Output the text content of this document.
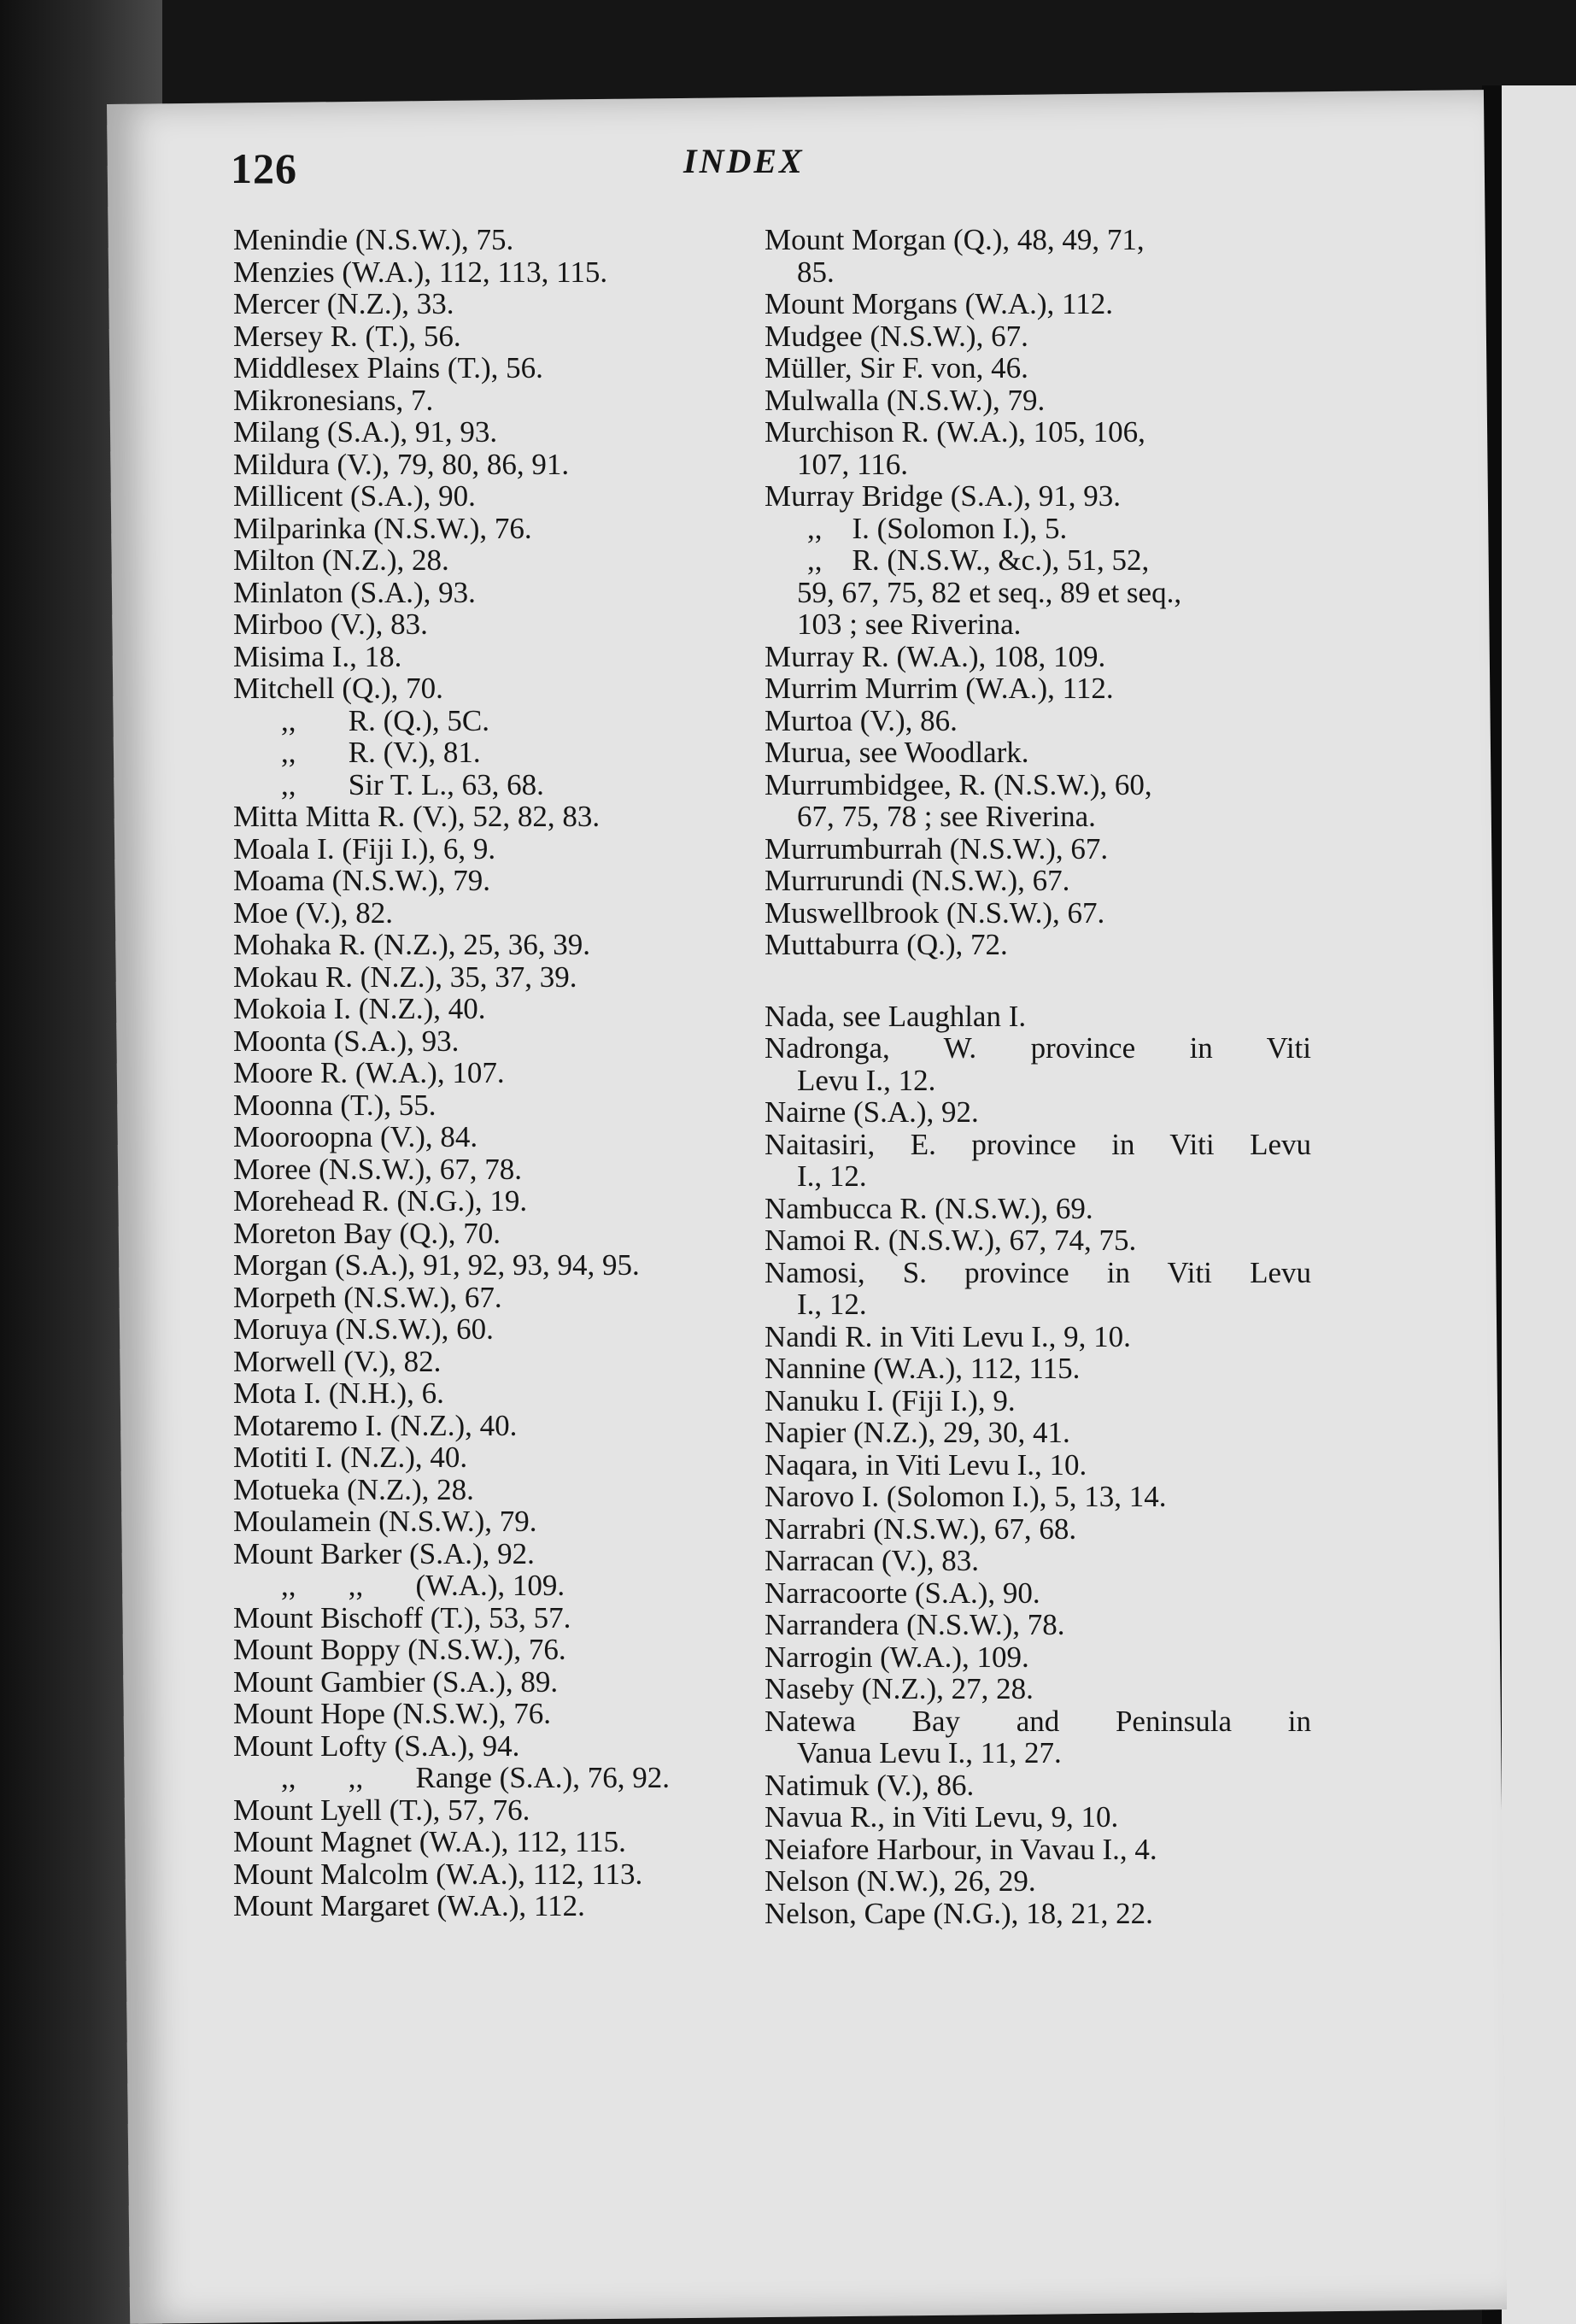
126	INDEX
Menindie (N.S.W.), 75.
Menzies (W.A.), 112, 113, 115.
Mercer (N.Z.), 33.
Mersey R. (T.), 56.
Middlesex Plains (T.), 56.
Mikronesians, 7.
Milang (S.A.), 91, 93.
Mildura (V.), 79, 80, 86, 91.
Millicent (S.A.), 90.
Milparinka (N.S.W.), 76.
Milton (N.Z.), 28.
Minlaton (S.A.), 93.
Mirboo (V.), 83.
Misima I., 18.
Mitchell (Q.), 70.
,,       R. (Q.), 5C.
,,       R. (V.), 81.
,,       Sir T. L., 63, 68.
Mitta Mitta R. (V.), 52, 82, 83.
Moala I. (Fiji I.), 6, 9.
Moama (N.S.W.), 79.
Moe (V.), 82.
Mohaka R. (N.Z.), 25, 36, 39.
Mokau R. (N.Z.), 35, 37, 39.
Mokoia I. (N.Z.), 40.
Moonta (S.A.), 93.
Moore R. (W.A.), 107.
Moonna (T.), 55.
Mooroopna (V.), 84.
Moree (N.S.W.), 67, 78.
Morehead R. (N.G.), 19.
Moreton Bay (Q.), 70.
Morgan (S.A.), 91, 92, 93, 94, 95.
Morpeth (N.S.W.), 67.
Moruya (N.S.W.), 60.
Morwell (V.), 82.
Mota I. (N.H.), 6.
Motaremo I. (N.Z.), 40.
Motiti I. (N.Z.), 40.
Motueka (N.Z.), 28.
Moulamein (N.S.W.), 79.
Mount Barker (S.A.), 92.
,,       ,,       (W.A.), 109.
Mount Bischoff (T.), 53, 57.
Mount Boppy (N.S.W.), 76.
Mount Gambier (S.A.), 89.
Mount Hope (N.S.W.), 76.
Mount Lofty (S.A.), 94.
,,       ,,       Range (S.A.), 76, 92.
Mount Lyell (T.), 57, 76.
Mount Magnet (W.A.), 112, 115.
Mount Malcolm (W.A.), 112, 113.
Mount Margaret (W.A.), 112.
Mount Morgan (Q.), 48, 49, 71,
85.
Mount Morgans (W.A.), 112.
Mudgee (N.S.W.), 67.
Müller, Sir F. von, 46.
Mulwalla (N.S.W.), 79.
Murchison R. (W.A.), 105, 106,
107, 116.
Murray Bridge (S.A.), 91, 93.
,,    I. (Solomon I.), 5.
,,    R. (N.S.W., &c.), 51, 52,
59, 67, 75, 82 et seq., 89 et seq.,
103 ; see Riverina.
Murray R. (W.A.), 108, 109.
Murrim Murrim (W.A.), 112.
Murtoa (V.), 86.
Murua, see Woodlark.
Murrumbidgee, R. (N.S.W.), 60,
67, 75, 78 ; see Riverina.
Murrumburrah (N.S.W.), 67.
Murrurundi (N.S.W.), 67.
Muswellbrook (N.S.W.), 67.
Muttaburra (Q.), 72.
Nada, see Laughlan I.
Nadronga, W. province in Viti
Levu I., 12.
Nairne (S.A.), 92.
Naitasiri, E. province in Viti Levu
I., 12.
Nambucca R. (N.S.W.), 69.
Namoi R. (N.S.W.), 67, 74, 75.
Namosi, S. province in Viti Levu
I., 12.
Nandi R. in Viti Levu I., 9, 10.
Nannine (W.A.), 112, 115.
Nanuku I. (Fiji I.), 9.
Napier (N.Z.), 29, 30, 41.
Naqara, in Viti Levu I., 10.
Narovo I. (Solomon I.), 5, 13, 14.
Narrabri (N.S.W.), 67, 68.
Narracan (V.), 83.
Narracoorte (S.A.), 90.
Narrandera (N.S.W.), 78.
Narrogin (W.A.), 109.
Naseby (N.Z.), 27, 28.
Natewa Bay and Peninsula in
Vanua Levu I., 11, 27.
Natimuk (V.), 86.
Navua R., in Viti Levu, 9, 10.
Neiafore Harbour, in Vavau I., 4.
Nelson (N.W.), 26, 29.
Nelson, Cape (N.G.), 18, 21, 22.
